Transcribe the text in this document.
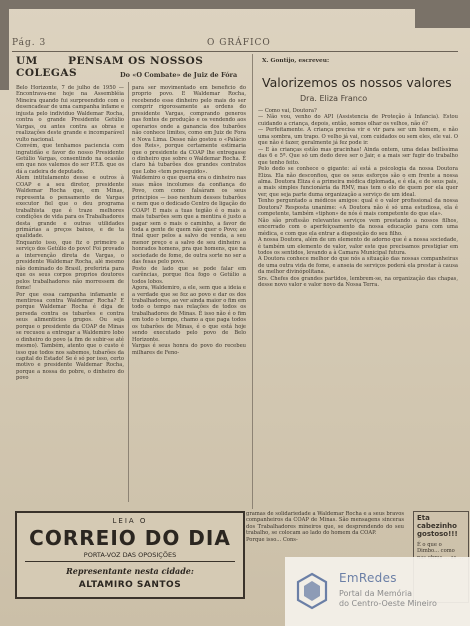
Pág. 3	O GRÁFICO
UM	PENSAM OS NOSSOS COLEGAS	Do «O Combate» de Juiz de Fóra

Belo Horizonte, 7 de julho de 1950 — Encontrava-me hoje na Assembléia Mineira quando fui surpreendido com o desencadear de uma campanha infame e injusta pelo individuo Waldemar Rocha, contra o grande Presidente Getúlio Vargas, ou antes contra as obras e realizações deste grande e incomparável vulto nacional.

Convém, que tenhamos paciencia com ingratidão e favor do nosso Presidente Getúlio Vargas, consentindo na ocasião em que nos valemos do ser P.T.B. que os dá a cadeira de deputado.

Alem intitulamento desse e outros à COAP e a seu diretor, presidente Waldemar Rocha que, em Minas, representa o pensamento de Vargas executor fiel que o deu programa trabalhista que é traze melhores condições de vida para os Trabalhadores desta grande e outras utilidades primárias a preços baixos, e de ta qualidade.

Enquanto isso, que fiz o primeiro a serviço dos Getúlio do povo! Foi provado a intervenção direta de Vargas, o presidente Waldemar Rocha, alé mesmo não dominado do Brasil, preferiria para que os seus corpos proprios doutores pelos trabalhadores não morressem de fome!

Por que essa campanha infamante e mentirosa contra Waldemar Rocha? E porque Waldemar Rocha é diga de perseda contra os tubarões e contra seus alimenticios grupos. Ou seja porque o presidente da COAP de Minas se recusou a entregar a Waldemiro lobo o dinheiro do povo (a fim de subir-se até mesmo). Também, atento que o custo é isso que todos nos sabemos, tubarões da capital do Estado! Se é só por isso, certo motivo e presidente Waldemar Rocha, porque a nossa do pobre, o dinheiro do povo

para ser movimentado em beneficio do proprio povo. E Waldemar Rocha, recebendo esse dinheiro pelo mais do ser comprir rigorosamente as ordens do presidente Vargas, comprando generos nas fontes de produção e os vendendo aos operarios onde a ganancia dos tubarões não conhece limites, como em Juiz de Fora e Nova Lima. Desse não gostou o «Palácio dos Reis», porque certamente estimaria que o presidente da COAP lhe entregasse o dinheiro que sobre o Waldemar Rocha. É claro há tubarões dos grandes contratos que Lobo «tem perseguido».

Waldemiro o que queria era o dinheiro nas suas mãos incolumes da confiança do Povo, com como falsáram os seus principios — isso nenhum desses tubarões e nem que o dedicado Centro de ligação do COAP! E mais a tuas tegião é o mais a mais tubarões sem que a mentira é justo a pagar sem o mais o caminho, a favor de toda a gente de quem não quer o Povo; ao final quer pelos a salvo de venda, a seu menor preço e a salvo de seu dinheiro a honrados homens, pra que homens, que na sociedade de fome, de outra sorte no ser a das fesas pelo povo.

Posto de lado que se pode falar em carências, porque fica fogo o Getúlio a todos lobos.

Agora, Waldemiro, a ele, sem que a ideia e a verdade que se fez ao povo e dar os dos trabalhadores, ao ver ainda maior o fim em todo o tempo nas relações de todos os trabalhadores de Minas. É isso não é o fim em todo o tempo, chamo a que paga todos os tubarões de Minas, é o que está hoje sendo executado pelo povo de Belo Horizonte.

Vargas é seus honra do povo do recebeu milhares de Feno-

X. Gontijo, escreveu:
Valorizemos os nossos valores
Dra. Eliza Franco

— Como vai, Doutora?

— Não vou, venho do API (Assistencia de Proteção à Infancia). Estou cuidando a criança, depois, então, somos olhar os velhos, não é?

— Perfeitamente. A criança precisa vir e vir para ser um homem, e não uma sombra, um trapo. O velho já vai, com cuidados ou sem eles, ele vai. O que não é fazer, geralmente já fez pode ir.

— E às crianças estão mas gracinhas! Ainda ontem, uma delas bellíssima das 6 e 5ª. Que só um dedo deve ser o Jair, e a mais ser fugir do trabalho que tenho feito.

Pelo dedo se conhece o gigante: aí está a psicologia da nossa Doutora Eliza. Ela não desconfiou, que os seus esforços são o em frente a nossa alma. Doutora Eliza é a primeira médica diplomada, e é ela, e de seus pais, a mais simples funcionária da RMV, mas tem o elo de quem por ela quer ver, que seja parte duma organização a serviço de um ideal.

Tenho perguntado a médicos amigos: qual é o valor profissional da nossa Doutora? Resposta unanime: «A Doutora não é só uma estudiosa, ela é competente, também «tiphon» de nós é mais competente do que ela».

Não são profissão relevantes serviços vem prestando a nossos filhos, encerrado com o aperfeiçoamento da nossa educação para com uma médica, e com que ela entrar a disposição do seu filho.

A nossa Doutora, além de um elemento de adorno que é a nossa sociedade, é também um elemento de valor, valor este que precisamos prestigiar em todos os sentidos, levando a à Camara Municipal futura.

A Doutora conhece melhor do que nós a situação das nossas companheiras de uma outra vida de fome, e anseia de serviços poderá ela prestar à causa da melhor divinópolitana.

Srs. Chefes dos grandes partidos, lembrem-se, na organização das chapas, desse novo valor e valor novo da Nossa Terra.

LEIA O
CORREIO DO DIA
PORTA-VOZ DAS OPOSIÇÕES
Representante nesta cidade:
ALTAMIRO SANTOS

gramas de solidariedade a Waldemar Rocha e a seus bravos companheiros da COAP de Minas. São mensagens sinceras dos Trabalhadores mineiros que, se desprendendo do seu trabalho, se colocam ao lado do homem da COAP.

Porque isso... Cons-

Eta cabezinho gostoso!!!
É o que o Dimbo... como
EmRedes
Portal da Memória
do Centro-Oeste Mineiro
